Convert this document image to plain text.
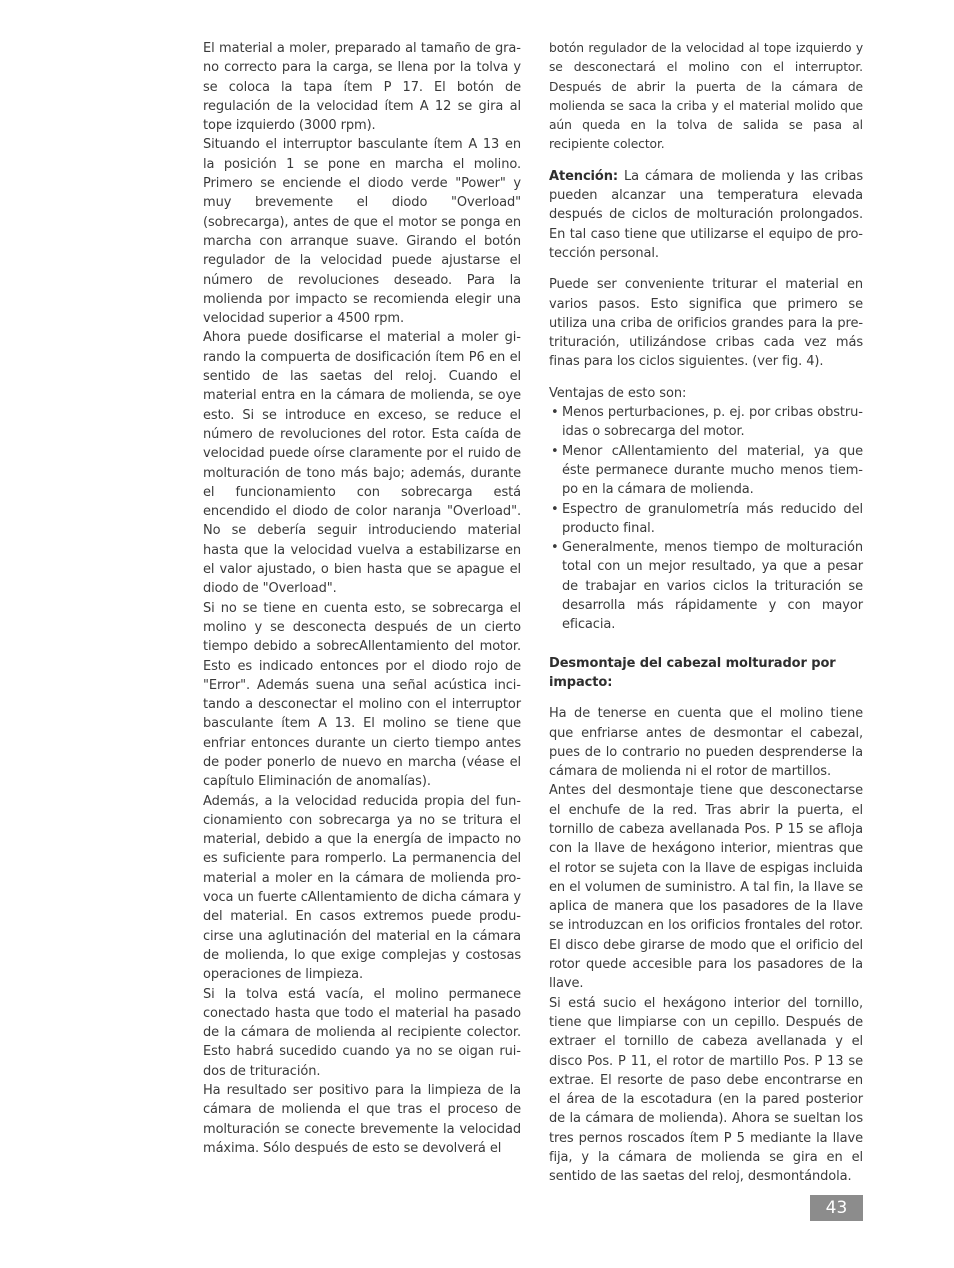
El material a moler, preparado al tamaño de grano correcto para la carga, se llena por la tolva y se coloca la tapa ítem P 17. El botón de regulación de la velocidad ítem A 12 se gira al tope izquierdo (3000 rpm).

Situando el interruptor basculante ítem A 13 en la posición 1 se pone en marcha el molino. Primero se enciende el diodo verde "Power" y muy brevemente el diodo "Overload" (sobrecarga), antes de que el motor se ponga en marcha con arranque suave. Girando el botón regulador de la velocidad puede ajustarse el número de revoluciones deseado. Para la molienda por impacto se recomienda elegir una velocidad superior a 4500 rpm.

Ahora puede dosificarse el material a moler girando la compuerta de dosificación ítem P6 en el sentido de las saetas del reloj. Cuando el material entra en la cámara de molienda, se oye esto. Si se introduce en exceso, se reduce el número de revoluciones del rotor. Esta caída de velocidad puede oírse claramente por el ruido de molturación de tono más bajo; además, durante el funcionamiento con sobrecarga está encendido el diodo de color naranja "Overload". No se debería seguir introduciendo material hasta que la velocidad vuelva a estabilizarse en el valor ajustado, o bien hasta que se apague el diodo de "Overload".

Si no se tiene en cuenta esto, se sobrecarga el molino y se desconecta después de un cierto tiempo debido a sobrecAllentamiento del motor. Esto es indicado entonces por el diodo rojo de "Error". Además suena una señal acústica incitando a desconectar el molino con el interruptor basculante ítem A 13. El molino se tiene que enfriar entonces durante un cierto tiempo antes de poder ponerlo de nuevo en marcha (véase el capítulo Eliminación de anomalías).

Además, a la velocidad reducida propia del funcionamiento con sobrecarga ya no se tritura el material, debido a que la energía de impacto no es suficiente para romperlo. La permanencia del material a moler en la cámara de molienda provoca un fuerte cAllentamiento de dicha cámara y del material. En casos extremos puede producirse una aglutinación del material en la cámara de molienda, lo que exige complejas y costosas operaciones de limpieza.

Si la tolva está vacía, el molino permanece conectado hasta que todo el material ha pasado de la cámara de molienda al recipiente colector. Esto habrá sucedido cuando ya no se oigan ruidos de trituración.

Ha resultado ser positivo para la limpieza de la cámara de molienda el que tras el proceso de molturación se conecte brevemente la velocidad máxima. Sólo después de esto se devolverá el

botón regulador de la velocidad al tope izquierdo y se desconectará el molino con el interruptor. Después de abrir la puerta de la cámara de molienda se saca la criba y el material molido que aún queda en la tolva de salida se pasa al recipiente colector.

Atención: La cámara de molienda y las cribas pueden alcanzar una temperatura elevada después de ciclos de molturación prolongados. En tal caso tiene que utilizarse el equipo de protección personal.

Puede ser conveniente triturar el material en varios pasos. Esto significa que primero se utiliza una criba de orificios grandes para la pre-trituración, utilizándose cribas cada vez más finas para los ciclos siguientes. (ver fig. 4).

Ventajas de esto son:

• Menos perturbaciones, p. ej. por cribas obstruidas o sobrecarga del motor.
• Menor cAllentamiento del material, ya que éste permanece durante mucho menos tiempo en la cámara de molienda.
• Espectro de granulometría más reducido del producto final.
• Generalmente, menos tiempo de molturación total con un mejor resultado, ya que a pesar de trabajar en varios ciclos la trituración se desarrolla más rápidamente y con mayor eficacia.

Desmontaje del cabezal molturador por impacto:

Ha de tenerse en cuenta que el molino tiene que enfriarse antes de desmontar el cabezal, pues de lo contrario no pueden desprenderse la cámara de molienda ni el rotor de martillos.

Antes del desmontaje tiene que desconectarse el enchufe de la red. Tras abrir la puerta, el tornillo de cabeza avellanada Pos. P 15 se afloja con la llave de hexágono interior, mientras que el rotor se sujeta con la llave de espigas incluida en el volumen de suministro. A tal fin, la llave se aplica de manera que los pasadores de la llave se introduzcan en los orificios frontales del rotor. El disco debe girarse de modo que el orificio del rotor quede accesible para los pasadores de la llave.

Si está sucio el hexágono interior del tornillo, tiene que limpiarse con un cepillo. Después de extraer el tornillo de cabeza avellanada y el disco Pos. P 11, el rotor de martillo Pos. P 13 se extrae. El resorte de paso debe encontrarse en el área de la escotadura (en la pared posterior de la cámara de molienda). Ahora se sueltan los tres pernos roscados ítem P 5 mediante la llave fija, y la cámara de molienda se gira en el sentido de las saetas del reloj, desmontándola.

43
